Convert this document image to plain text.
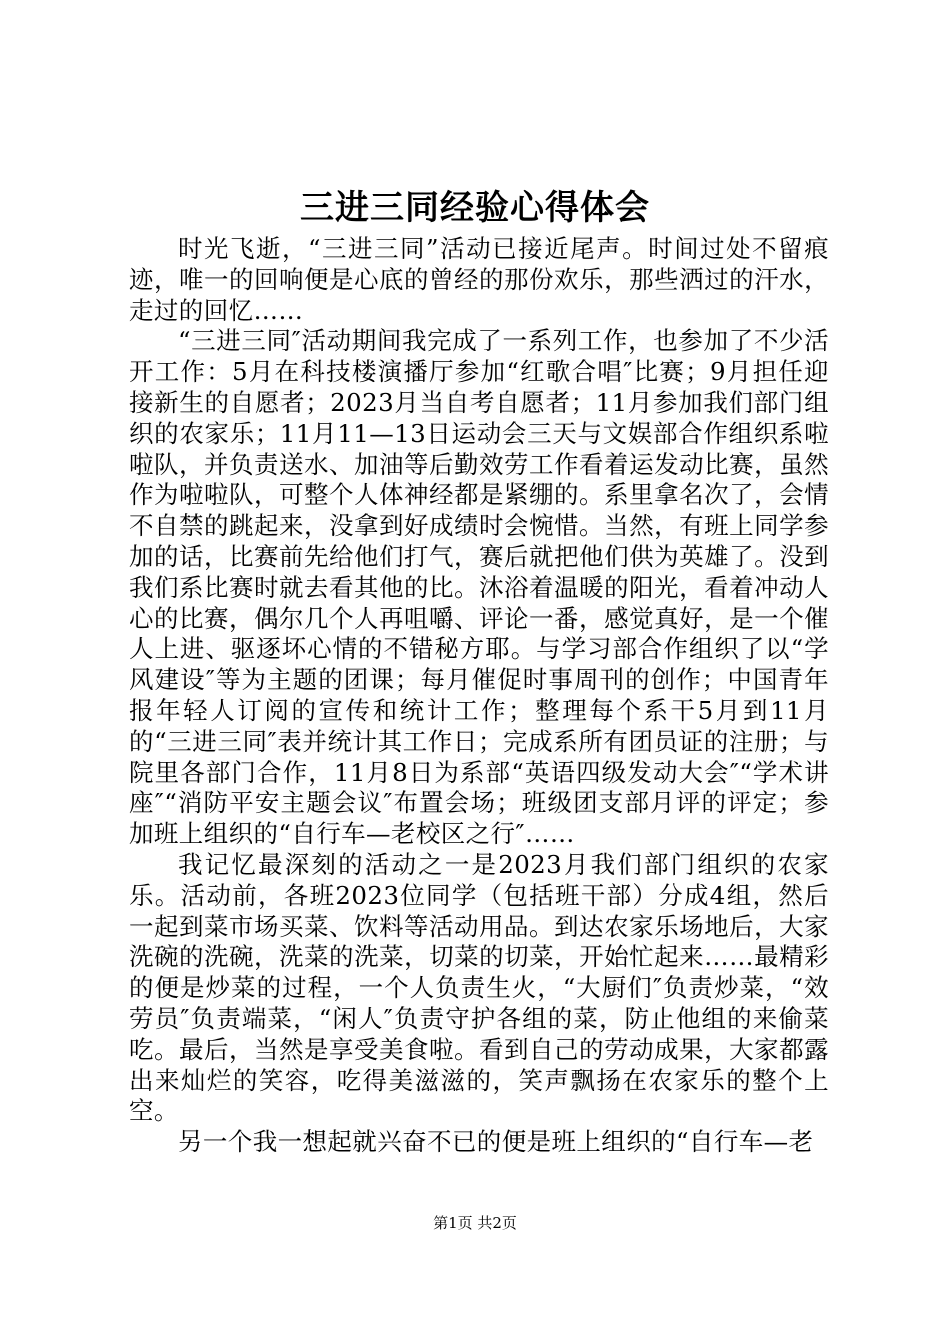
三进三同经验心得体会

时光飞逝，“三进三同”活动已接近尾声。时间过处不留痕迹，唯一的回响便是心底的曾经的那份欢乐，那些洒过的汗水，走过的回忆……

“三进三同″活动期间我完成了一系列工作，也参加了不少活开工作：5月在科技楼演播厅参加“红歌合唱″比赛；9月担任迎接新生的自愿者；2023月当自考自愿者；11月参加我们部门组织的农家乐；11月11—13日运动会三天与文娱部合作组织系啦啦队，并负责送水、加油等后勤效劳工作看着运发动比赛，虽然作为啦啦队，可整个人体神经都是紧绷的。系里拿名次了，会情不自禁的跳起来，没拿到好成绩时会惋惜。当然，有班上同学参加的话，比赛前先给他们打气，赛后就把他们供为英雄了。没到我们系比赛时就去看其他的比。沐浴着温暖的阳光，看着冲动人心的比赛，偶尔几个人再咀嚼、评论一番，感觉真好，是一个催人上进、驱逐坏心情的不错秘方耶。与学习部合作组织了以“学风建设″等为主题的团课；每月催促时事周刊的创作；中国青年报年轻人订阅的宣传和统计工作；整理每个系干5月到11月的“三进三同″表并统计其工作日；完成系所有团员证的注册；与院里各部门合作，11月8日为系部“英语四级发动大会″“学术讲座″“消防平安主题会议″布置会场；班级团支部月评的评定；参加班上组织的“自行车—老校区之行″……

我记忆最深刻的活动之一是2023月我们部门组织的农家乐。活动前，各班2023位同学（包括班干部）分成4组，然后一起到菜市场买菜、饮料等活动用品。到达农家乐场地后，大家洗碗的洗碗，洗菜的洗菜，切菜的切菜，开始忙起来……最精彩的便是炒菜的过程，一个人负责生火，“大厨们″负责炒菜，“效劳员″负责端菜，“闲人″负责守护各组的菜，防止他组的来偷菜吃。最后，当然是享受美食啦。看到自己的劳动成果，大家都露出来灿烂的笑容，吃得美滋滋的，笑声飘扬在农家乐的整个上空。

另一个我一想起就兴奋不已的便是班上组织的“自行车—老

第1页 共2页
